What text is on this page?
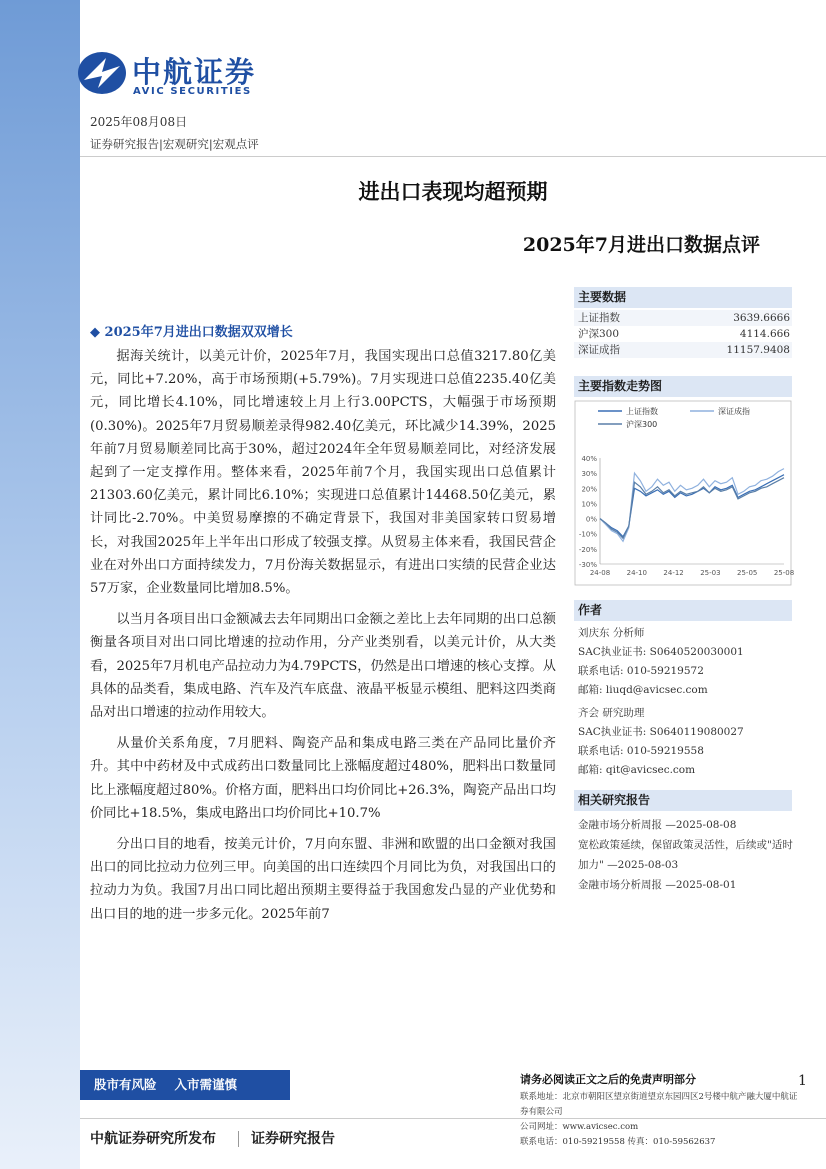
中航证券
AVIC SECURITIES
2025年08月08日
证券研究报告|宏观研究|宏观点评
进出口表现均超预期
2025年7月进出口数据点评
◆ 2025年7月进出口数据双双增长

据海关统计，以美元计价，2025年7月，我国实现出口总值3217.80亿美元，同比+7.20%，高于市场预期(+5.79%)。7月实现进口总值2235.40亿美元，同比增长4.10%，同比增速较上月上行3.00PCTS，大幅强于市场预期(0.30%)。2025年7月贸易顺差录得982.40亿美元，环比减少14.39%，2025年前7月贸易顺差同比高于30%，超过2024年全年贸易顺差同比，对经济发展起到了一定支撑作用。整体来看，2025年前7个月，我国实现出口总值累计21303.60亿美元，累计同比6.10%；实现进口总值累计14468.50亿美元，累计同比-2.70%。中美贸易摩擦的不确定背景下，我国对非美国家转口贸易增长，对我国2025年上半年出口形成了较强支撑。从贸易主体来看，我国民营企业在对外出口方面持续发力，7月份海关数据显示，有进出口实绩的民营企业达57万家，企业数量同比增加8.5%。

以当月各项目出口金额减去去年同期出口金额之差比上去年同期的出口总额衡量各项目对出口同比增速的拉动作用，分产业类别看，以美元计价，从大类看，2025年7月机电产品拉动力为4.79PCTS，仍然是出口增速的核心支撑。从具体的品类看，集成电路、汽车及汽车底盘、液晶平板显示模组、肥料这四类商品对出口增速的拉动作用较大。

从量价关系角度，7月肥料、陶瓷产品和集成电路三类在产品同比量价齐升。其中中药材及中式成药出口数量同比上涨幅度超过480%，肥料出口数量同比上涨幅度超过80%。价格方面，肥料出口均价同比+26.3%，陶瓷产品出口均价同比+18.5%，集成电路出口均价同比+10.7%

分出口目的地看，按美元计价，7月向东盟、非洲和欧盟的出口金额对我国出口的同比拉动力位列三甲。向美国的出口连续四个月同比为负，对我国出口的拉动力为负。我国7月出口同比超出预期主要得益于我国愈发凸显的产业优势和出口目的地的进一步多元化。2025年前7

主要数据
上证指数	3639.6666
沪深300	4114.666
深证成指	11157.9408
主要指数走势图
40%
30%
20%
10%
0%
-10%
-20%
-30%
24-08 24-10 24-12 25-03 25-05 25-08
上证指数	深证成指
沪深300
作者
刘庆东 分析师
SAC执业证书: S0640520030001
联系电话: 010-59219572
邮箱: liuqd@avicsec.com
齐会 研究助理
SAC执业证书: S0640119080027
联系电话: 010-59219558
邮箱: qit@avicsec.com
相关研究报告
金融市场分析周报 —2025-08-08
宽松政策延续，保留政策灵活性，后续或"适时
加力" —2025-08-03
金融市场分析周报 —2025-08-01
股市有风险 入市需谨慎	请务必阅读正文之后的免责声明部分
联系地址：北京市朝阳区望京街道望京东园四区2号楼中航产融大厦中航证券有限公司
公司网址：www.avicsec.com
联系电话：010-59219558 传真：010-59562637
1
中航证券研究所发布	证券研究报告
